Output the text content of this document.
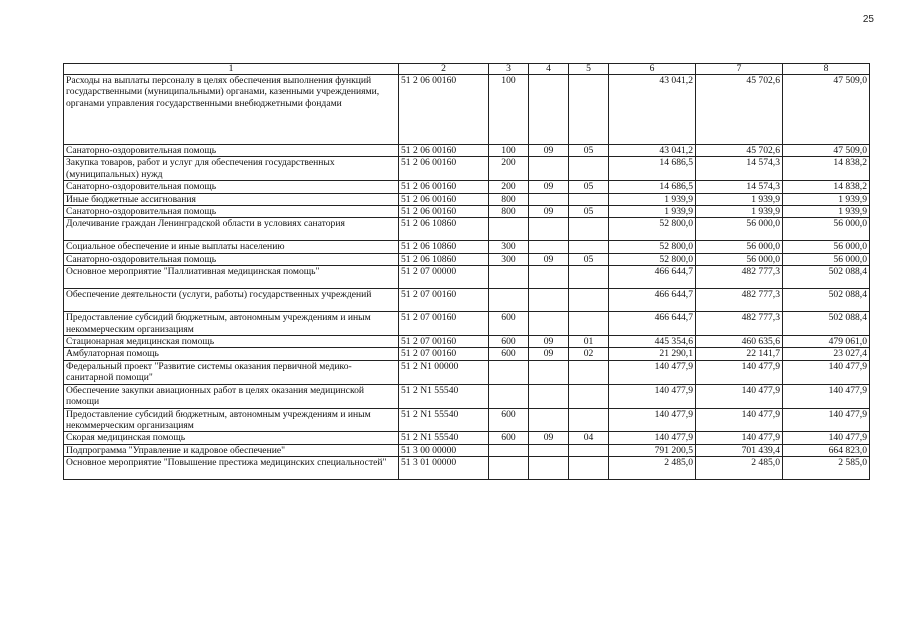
25
1	2	3	4	5	6	7	8
Расходы на выплаты персоналу в целях обеспечения выполнения функций государственными (муниципальными) органами, казенными учреждениями, органами управления государственными внебюджетными фондами	51 2 06 00160	100			43 041,2	45 702,6	47 509,0
Санаторно-оздоровительная помощь	51 2 06 00160	100	09	05	43 041,2	45 702,6	47 509,0
Закупка товаров, работ и услуг для обеспечения государственных (муниципальных) нужд	51 2 06 00160	200			14 686,5	14 574,3	14 838,2
Санаторно-оздоровительная помощь	51 2 06 00160	200	09	05	14 686,5	14 574,3	14 838,2
Иные бюджетные ассигнования	51 2 06 00160	800			1 939,9	1 939,9	1 939,9
Санаторно-оздоровительная помощь	51 2 06 00160	800	09	05	1 939,9	1 939,9	1 939,9
Долечивание граждан Ленинградской области в условиях санатория	51 2 06 10860				52 800,0	56 000,0	56 000,0
Социальное обеспечение и иные выплаты населению	51 2 06 10860	300			52 800,0	56 000,0	56 000,0
Санаторно-оздоровительная помощь	51 2 06 10860	300	09	05	52 800,0	56 000,0	56 000,0
Основное мероприятие "Паллиативная медицинская помощь"	51 2 07 00000				466 644,7	482 777,3	502 088,4
Обеспечение деятельности (услуги, работы) государственных учреждений	51 2 07 00160				466 644,7	482 777,3	502 088,4
Предоставление субсидий бюджетным, автономным учреждениям и иным некоммерческим организациям	51 2 07 00160	600			466 644,7	482 777,3	502 088,4
Стационарная медицинская помощь	51 2 07 00160	600	09	01	445 354,6	460 635,6	479 061,0
Амбулаторная помощь	51 2 07 00160	600	09	02	21 290,1	22 141,7	23 027,4
Федеральный проект "Развитие системы оказания первичной медико-санитарной помощи"	51 2 N1 00000				140 477,9	140 477,9	140 477,9
Обеспечение закупки авиационных работ в целях оказания медицинской помощи	51 2 N1 55540				140 477,9	140 477,9	140 477,9
Предоставление субсидий бюджетным, автономным учреждениям и иным некоммерческим организациям	51 2 N1 55540	600			140 477,9	140 477,9	140 477,9
Скорая медицинская помощь	51 2 N1 55540	600	09	04	140 477,9	140 477,9	140 477,9
Подпрограмма "Управление и кадровое обеспечение"	51 3 00 00000				791 200,5	701 439,4	664 823,0
Основное мероприятие "Повышение престижа медицинских специальностей"	51 3 01 00000				2 485,0	2 485,0	2 585,0
